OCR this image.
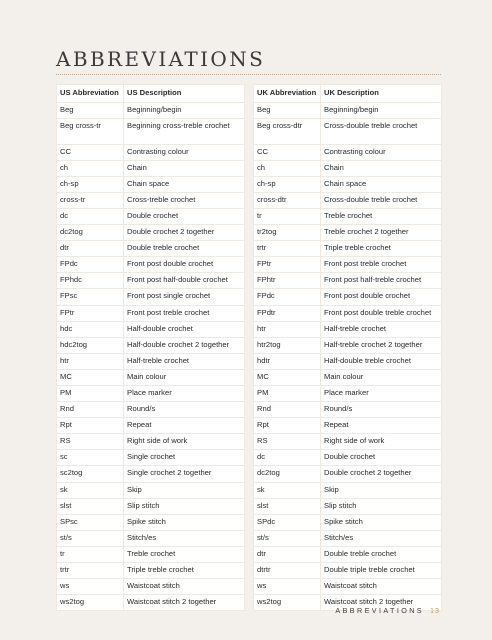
ABBREVIATIONS
US Abbreviation	US Description
Beg	Beginning/begin
Beg cross-tr	Beginning cross-treble crochet
CC	Contrasting colour
ch	Chain
ch-sp	Chain space
cross-tr	Cross-treble crochet
dc	Double crochet
dc2tog	Double crochet 2 together
dtr	Double treble crochet
FPdc	Front post double crochet
FPhdc	Front post half-double crochet
FPsc	Front post single crochet
FPtr	Front post treble crochet
hdc	Half-double crochet
hdc2tog	Half-double crochet 2 together
htr	Half-treble crochet
MC	Main colour
PM	Place marker
Rnd	Round/s
Rpt	Repeat
RS	Right side of work
sc	Single crochet
sc2tog	Single crochet 2 together
sk	Skip
slst	Slip stitch
SPsc	Spike stitch
st/s	Stitch/es
tr	Treble crochet
trtr	Triple treble crochet
ws	Waistcoat stitch
ws2tog	Waistcoat stitch 2 together
UK Abbreviation	UK Description
Beg	Beginning/begin
Beg cross-dtr	Cross-double treble crochet
CC	Contrasting colour
ch	Chain
ch-sp	Chain space
cross-dtr	Cross-double treble crochet
tr	Treble crochet
tr2tog	Treble crochet 2 together
trtr	Triple treble crochet
FPtr	Front post treble crochet
FPhtr	Front post half-treble crochet
FPdc	Front post double crochet
FPdtr	Front post double treble crochet
htr	Half-treble crochet
htr2tog	Half-treble crochet 2 together
hdtr	Half-double treble crochet
MC	Main colour
PM	Place marker
Rnd	Round/s
Rpt	Repeat
RS	Right side of work
dc	Double crochet
dc2tog	Double crochet 2 together
sk	Skip
slst	Slip stitch
SPdc	Spike stitch
st/s	Stitch/es
dtr	Double treble crochet
dtrtr	Double triple treble crochet
ws	Waistcoat stitch
ws2tog	Waistcoat stitch 2 together
ABBREVIATIONS 13
